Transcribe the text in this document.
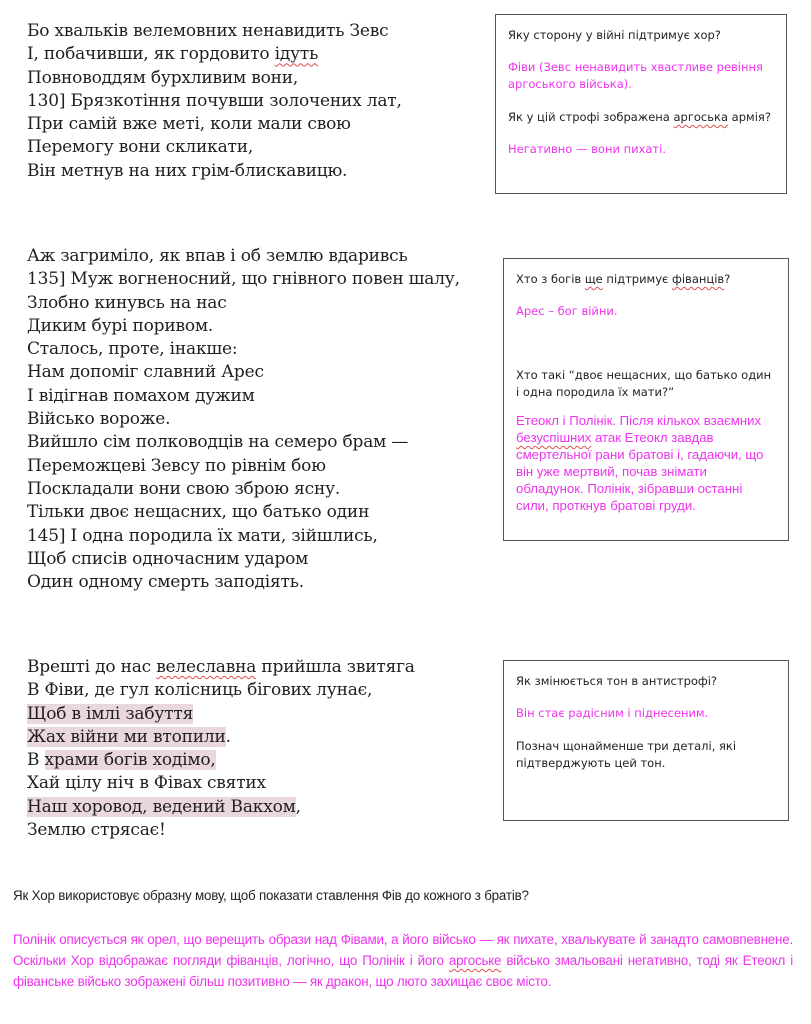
Бо хвальків велемовних ненавидить Зевс
І, побачивши, як гордовито ідуть
Повноводдям бурхливим вони,
130] Брязкотіння почувши золочених лат,
При самій вже меті, коли мали свою
Перемогу вони скликати,
Він метнув на них грім-блискавицю.
Аж загриміло, як впав і об землю вдаривсь
135] Муж вогненосний, що гнівного повен шалу,
Злобно кинувсь на нас
Диким бурі поривом.
Сталось, проте, інакше:
Нам допоміг славний Арес
І відігнав помахом дужим
Військо вороже.
Вийшло сім полководців на семеро брам —
Переможцеві Зевсу по рівнім бою
Поскладали вони свою зброю ясну.
Тільки двоє нещасних, що батько один
145] І одна породила їх мати, зійшлись,
Щоб списів одночасним ударом
Один одному смерть заподіять.
Врешті до нас велеславна прийшла звитяга
В Фіви, де гул колісниць бігових лунає,
Щоб в імлі забуття
Жах війни ми втопили.
В храми богів ходімо,
Хай цілу ніч в Фівах святих
Наш хоровод, ведений Вакхом,
Землю стрясає!

Яку сторону у війні підтримує хор?

Фіви (Зевс ненавидить хвастливе ревіння аргоського війська).

Як у цій строфі зображена аргоська армія?

Негативно — вони пихаті.

Хто з богів ще підтримує фіванців?

Арес – бог війни.

Хто такі “двоє нещасних, що батько один і одна породила їх мати?”

Етеокл і Полінік. Після кількох взаємних безуспішних атак Етеокл завдав смертельної рани братові і, гадаючи, що він уже мертвий, почав знімати обладунок. Полінік, зібравши останні сили, проткнув братові груди.

Як змінюється тон в антистрофі?

Він стає радісним і піднесеним.

Познач щонайменше три деталі, які підтверджують цей тон.

Як Хор використовує образну мову, щоб показати ставлення Фів до кожного з братів?
Полінік описується як орел, що верещить образи над Фівами, а його військо — як пихате, хвалькувате й занадто самовпевнене. Оскільки Хор відображає погляди фіванців, логічно, що Полінік і його аргоське військо змальовані негативно, тоді як Етеокл і фіванське військо зображені більш позитивно — як дракон, що люто захищає своє місто.
